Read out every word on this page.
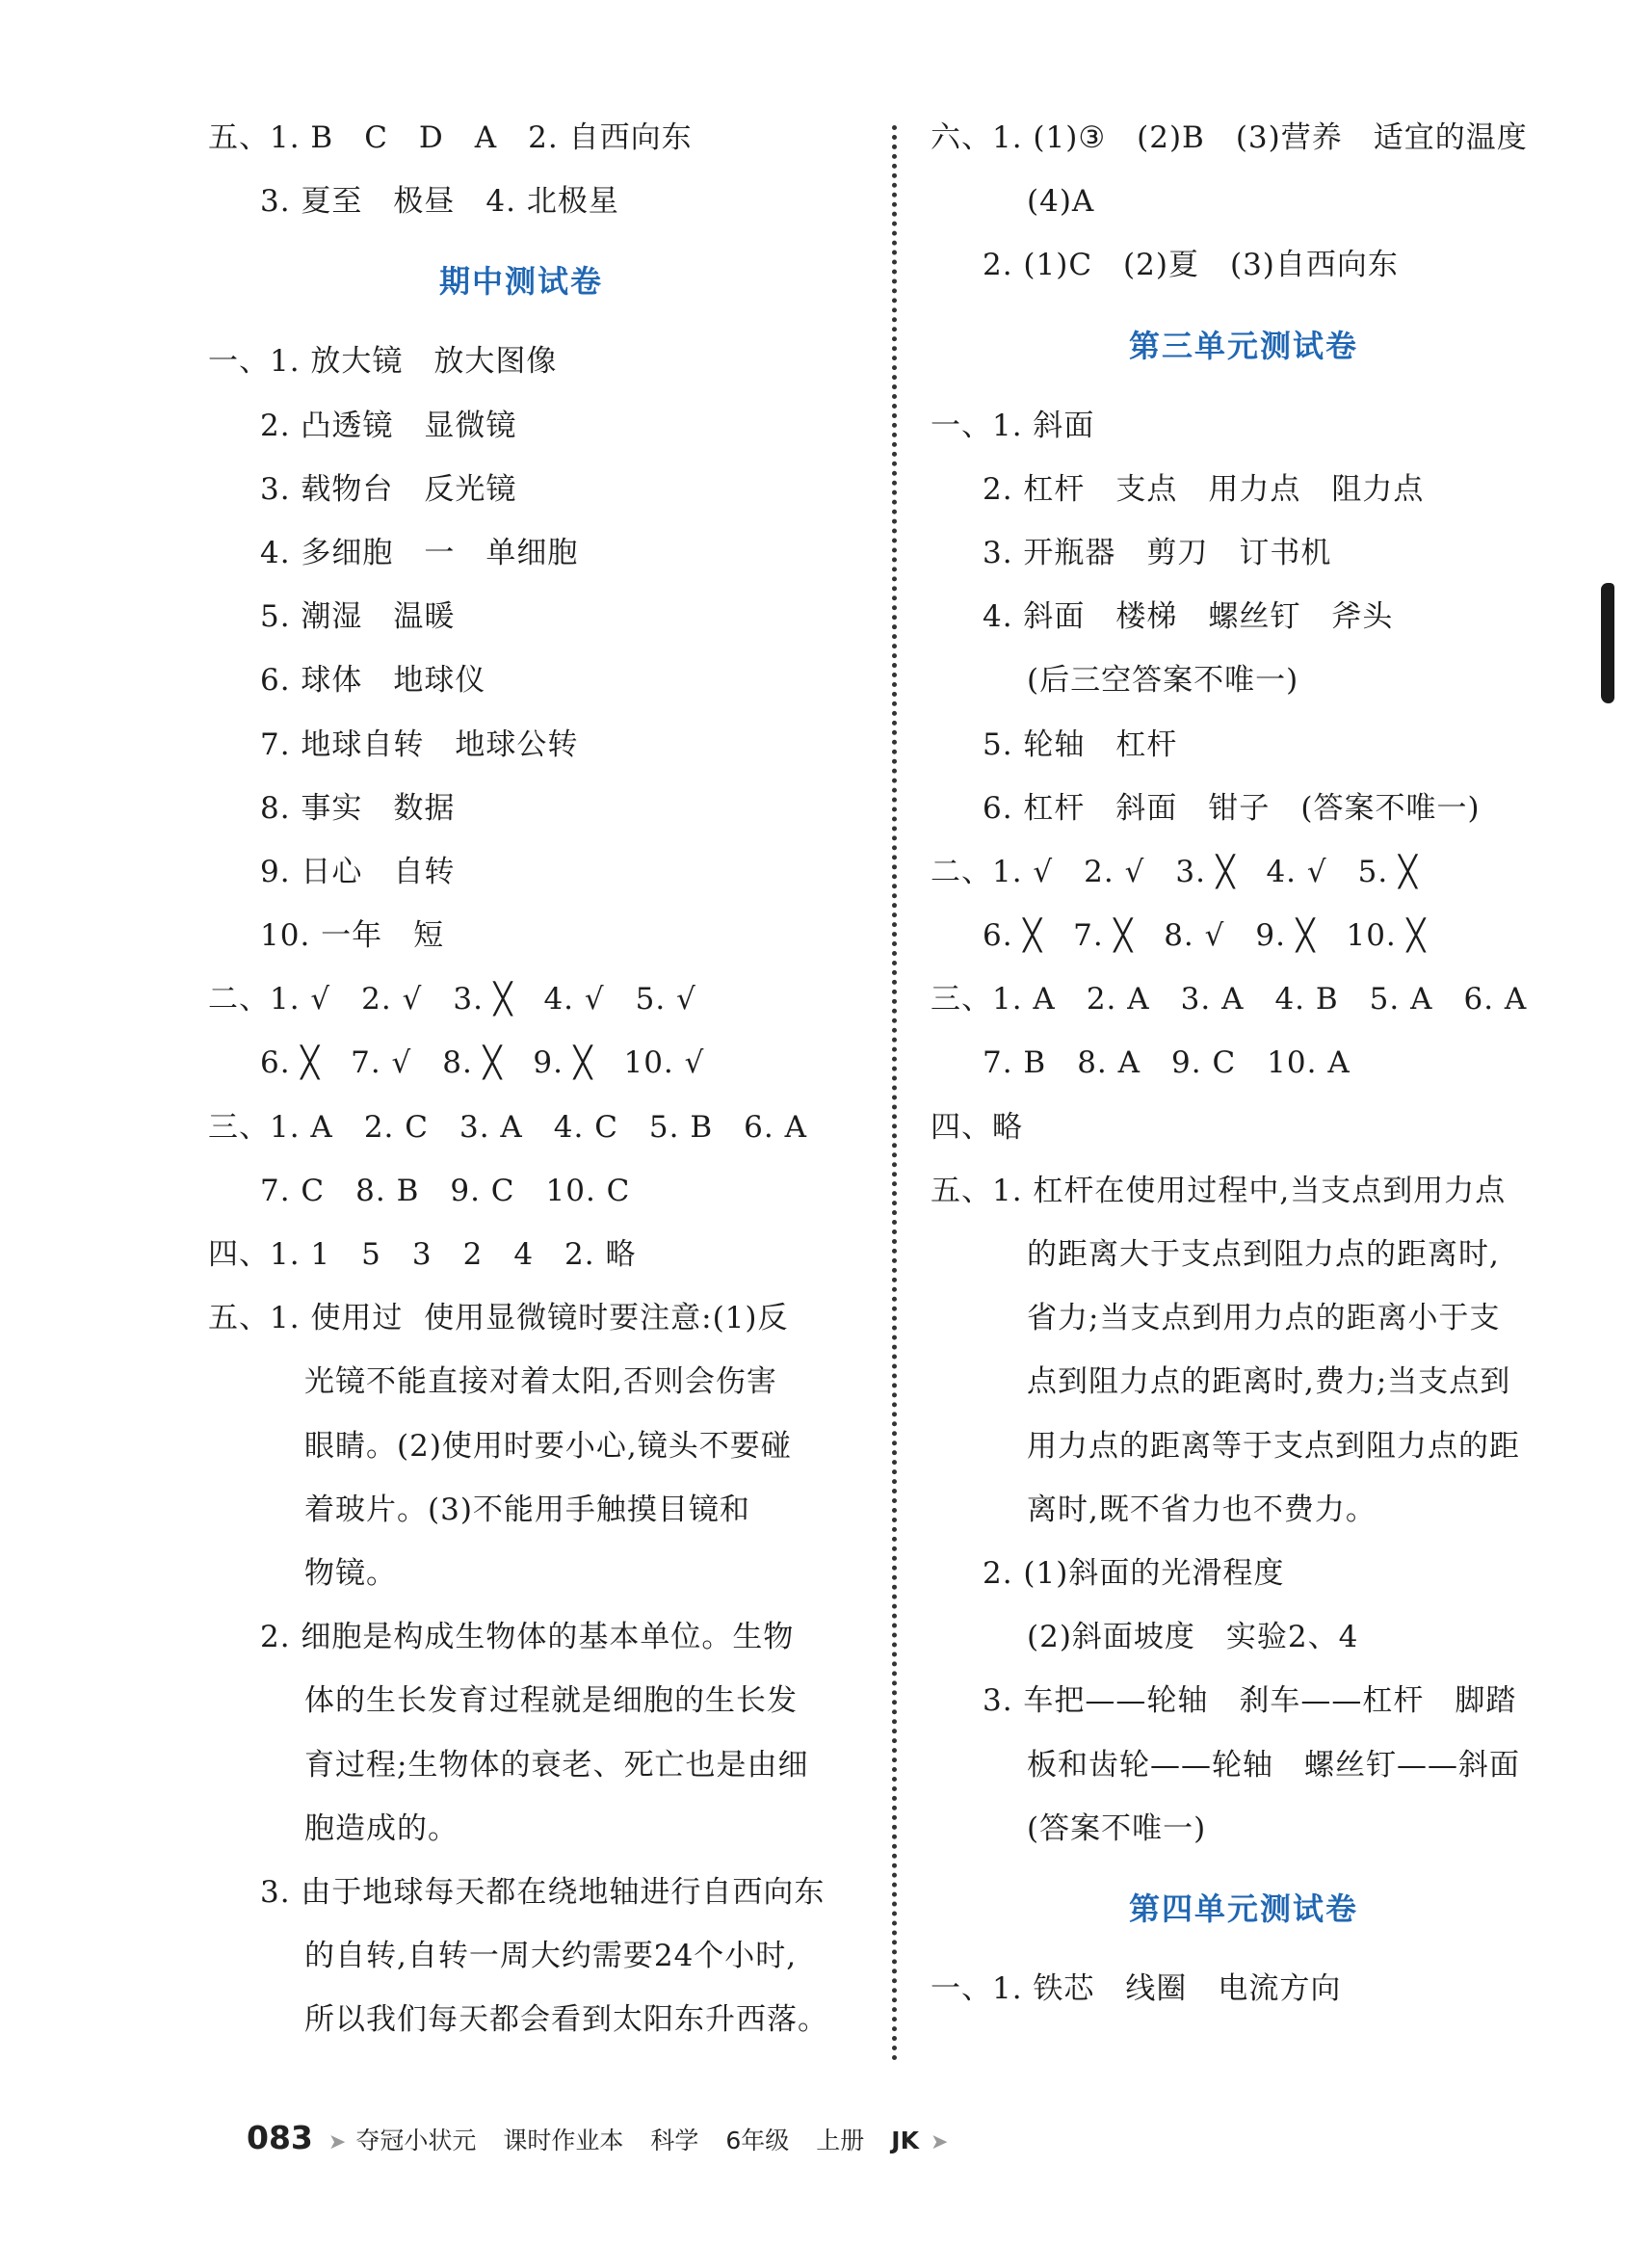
五、1. B　C　D　A　2. 自西向东
3. 夏至　极昼　4. 北极星
期中测试卷
一、1. 放大镜　放大图像
2. 凸透镜　显微镜
3. 载物台　反光镜
4. 多细胞　一　单细胞
5. 潮湿　温暖
6. 球体　地球仪
7. 地球自转　地球公转
8. 事实　数据
9. 日心　自转
10. 一年　短
二、1. √　2. √　3. ╳　4. √　5. √
6. ╳　7. √　8. ╳　9. ╳　10. √
三、1. A　2. C　3. A　4. C　5. B　6. A
7. C　8. B　9. C　10. C
四、1. 1　5　3　2　4　2. 略
五、1. 使用过  使用显微镜时要注意:(1)反
光镜不能直接对着太阳,否则会伤害
眼睛。(2)使用时要小心,镜头不要碰
着玻片。(3)不能用手触摸目镜和
物镜。
2. 细胞是构成生物体的基本单位。生物
体的生长发育过程就是细胞的生长发
育过程;生物体的衰老、死亡也是由细
胞造成的。
3. 由于地球每天都在绕地轴进行自西向东
的自转,自转一周大约需要24个小时,
所以我们每天都会看到太阳东升西落。
六、1. (1)③　(2)B　(3)营养　适宜的温度
(4)A
2. (1)C　(2)夏　(3)自西向东
第三单元测试卷
一、1. 斜面
2. 杠杆　支点　用力点　阻力点
3. 开瓶器　剪刀　订书机
4. 斜面　楼梯　螺丝钉　斧头
(后三空答案不唯一)
5. 轮轴　杠杆
6. 杠杆　斜面　钳子　(答案不唯一)
二、1. √　2. √　3. ╳　4. √　5. ╳
6. ╳　7. ╳　8. √　9. ╳　10. ╳
三、1. A　2. A　3. A　4. B　5. A　6. A
7. B　8. A　9. C　10. A
四、略
五、1. 杠杆在使用过程中,当支点到用力点
的距离大于支点到阻力点的距离时,
省力;当支点到用力点的距离小于支
点到阻力点的距离时,费力;当支点到
用力点的距离等于支点到阻力点的距
离时,既不省力也不费力。
2. (1)斜面的光滑程度
(2)斜面坡度　实验2、4
3. 车把——轮轴　刹车——杠杆　脚踏
板和齿轮——轮轴　螺丝钉——斜面
(答案不唯一)
第四单元测试卷
一、1. 铁芯　线圈　电流方向
083 ➤ 夺冠小状元 课时作业本 科学 6年级 上册 JK ➤
